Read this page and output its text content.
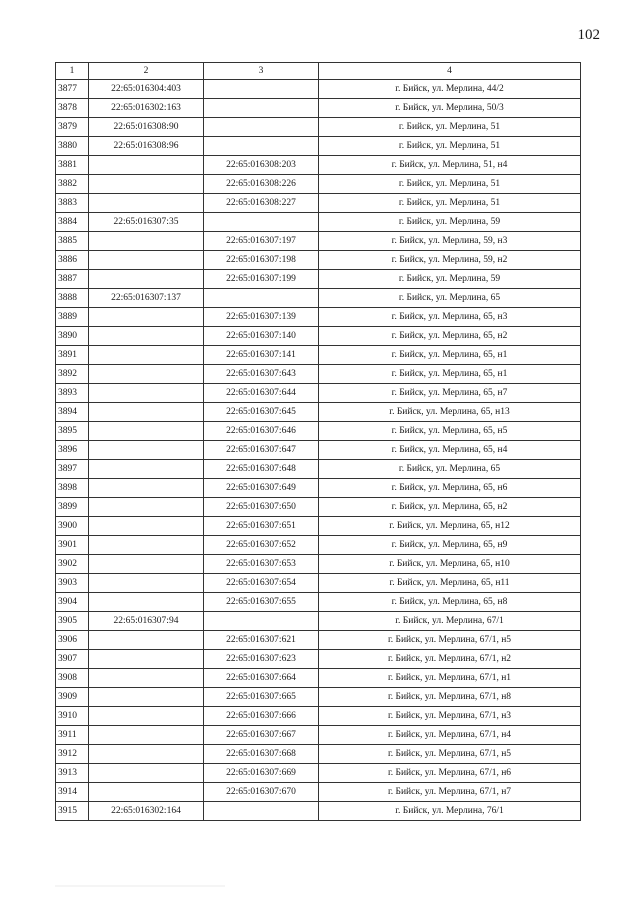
102
1	2	3	4
3877	22:65:016304:403		г. Бийск, ул. Мерлина, 44/2
3878	22:65:016302:163		г. Бийск, ул. Мерлина, 50/3
3879	22:65:016308:90		г. Бийск, ул. Мерлина, 51
3880	22:65:016308:96		г. Бийск, ул. Мерлина, 51
3881		22:65:016308:203	г. Бийск, ул. Мерлина, 51, н4
3882		22:65:016308:226	г. Бийск, ул. Мерлина, 51
3883		22:65:016308:227	г. Бийск, ул. Мерлина, 51
3884	22:65:016307:35		г. Бийск, ул. Мерлина, 59
3885		22:65:016307:197	г. Бийск, ул. Мерлина, 59, н3
3886		22:65:016307:198	г. Бийск, ул. Мерлина, 59, н2
3887		22:65:016307:199	г. Бийск, ул. Мерлина, 59
3888	22:65:016307:137		г. Бийск, ул. Мерлина, 65
3889		22:65:016307:139	г. Бийск, ул. Мерлина, 65, н3
3890		22:65:016307:140	г. Бийск, ул. Мерлина, 65, н2
3891		22:65:016307:141	г. Бийск, ул. Мерлина, 65, н1
3892		22:65:016307:643	г. Бийск, ул. Мерлина, 65, н1
3893		22:65:016307:644	г. Бийск, ул. Мерлина, 65, н7
3894		22:65:016307:645	г. Бийск, ул. Мерлина, 65, н13
3895		22:65:016307:646	г. Бийск, ул. Мерлина, 65, н5
3896		22:65:016307:647	г. Бийск, ул. Мерлина, 65, н4
3897		22:65:016307:648	г. Бийск, ул. Мерлина, 65
3898		22:65:016307:649	г. Бийск, ул. Мерлина, 65, н6
3899		22:65:016307:650	г. Бийск, ул. Мерлина, 65, н2
3900		22:65:016307:651	г. Бийск, ул. Мерлина, 65, н12
3901		22:65:016307:652	г. Бийск, ул. Мерлина, 65, н9
3902		22:65:016307:653	г. Бийск, ул. Мерлина, 65, н10
3903		22:65:016307:654	г. Бийск, ул. Мерлина, 65, н11
3904		22:65:016307:655	г. Бийск, ул. Мерлина, 65, н8
3905	22:65:016307:94		г. Бийск, ул. Мерлина, 67/1
3906		22:65:016307:621	г. Бийск, ул. Мерлина, 67/1, н5
3907		22:65:016307:623	г. Бийск, ул. Мерлина, 67/1, н2
3908		22:65:016307:664	г. Бийск, ул. Мерлина, 67/1, н1
3909		22:65:016307:665	г. Бийск, ул. Мерлина, 67/1, н8
3910		22:65:016307:666	г. Бийск, ул. Мерлина, 67/1, н3
3911		22:65:016307:667	г. Бийск, ул. Мерлина, 67/1, н4
3912		22:65:016307:668	г. Бийск, ул. Мерлина, 67/1, н5
3913		22:65:016307:669	г. Бийск, ул. Мерлина, 67/1, н6
3914		22:65:016307:670	г. Бийск, ул. Мерлина, 67/1, н7
3915	22:65:016302:164		г. Бийск, ул. Мерлина, 76/1
